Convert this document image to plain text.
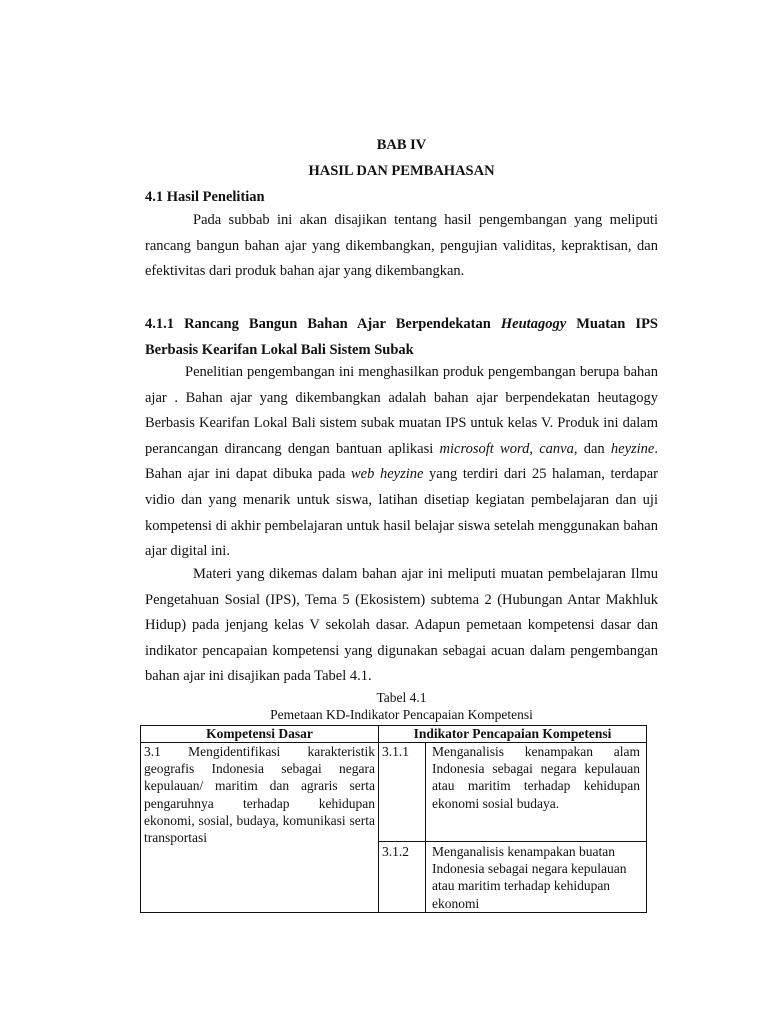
BAB IV
HASIL DAN PEMBAHASAN
4.1 Hasil Penelitian
Pada subbab ini akan disajikan tentang hasil pengembangan yang meliputi rancang bangun bahan ajar yang dikembangkan, pengujian validitas, kepraktisan, dan efektivitas dari produk bahan ajar yang dikembangkan.
4.1.1 Rancang Bangun Bahan Ajar Berpendekatan Heutagogy Muatan IPS Berbasis Kearifan Lokal Bali Sistem Subak
Penelitian pengembangan ini menghasilkan produk pengembangan berupa bahan ajar . Bahan ajar yang dikembangkan adalah bahan ajar berpendekatan heutagogy Berbasis Kearifan Lokal Bali sistem subak muatan IPS untuk kelas V. Produk ini dalam perancangan dirancang dengan bantuan aplikasi microsoft word, canva, dan heyzine. Bahan ajar ini dapat dibuka pada web heyzine yang terdiri dari 25 halaman, terdapar vidio dan yang menarik untuk siswa, latihan disetiap kegiatan pembelajaran dan uji kompetensi di akhir pembelajaran untuk hasil belajar siswa setelah menggunakan bahan ajar digital ini.
Materi yang dikemas dalam bahan ajar ini meliputi muatan pembelajaran Ilmu Pengetahuan Sosial (IPS), Tema 5 (Ekosistem) subtema 2 (Hubungan Antar Makhluk Hidup) pada jenjang kelas V sekolah dasar. Adapun pemetaan kompetensi dasar dan indikator pencapaian kompetensi yang digunakan sebagai acuan dalam pengembangan bahan ajar ini disajikan pada Tabel 4.1.
Tabel 4.1
Pemetaan KD-Indikator Pencapaian Kompetensi
Kompetensi Dasar	Indikator Pencapaian Kompetensi	
3.1 Mengidentifikasi karakteristik geografis Indonesia sebagai negara kepulauan/ maritim dan agraris serta pengaruhnya terhadap kehidupan ekonomi, sosial, budaya, komunikasi serta transportasi	3.1.1	Menganalisis kenampakan alam Indonesia sebagai negara kepulauan atau maritim terhadap kehidupan ekonomi sosial budaya.
	3.1.2	Menganalisis kenampakan buatan Indonesia sebagai negara kepulauan atau maritim terhadap kehidupan ekonomi
